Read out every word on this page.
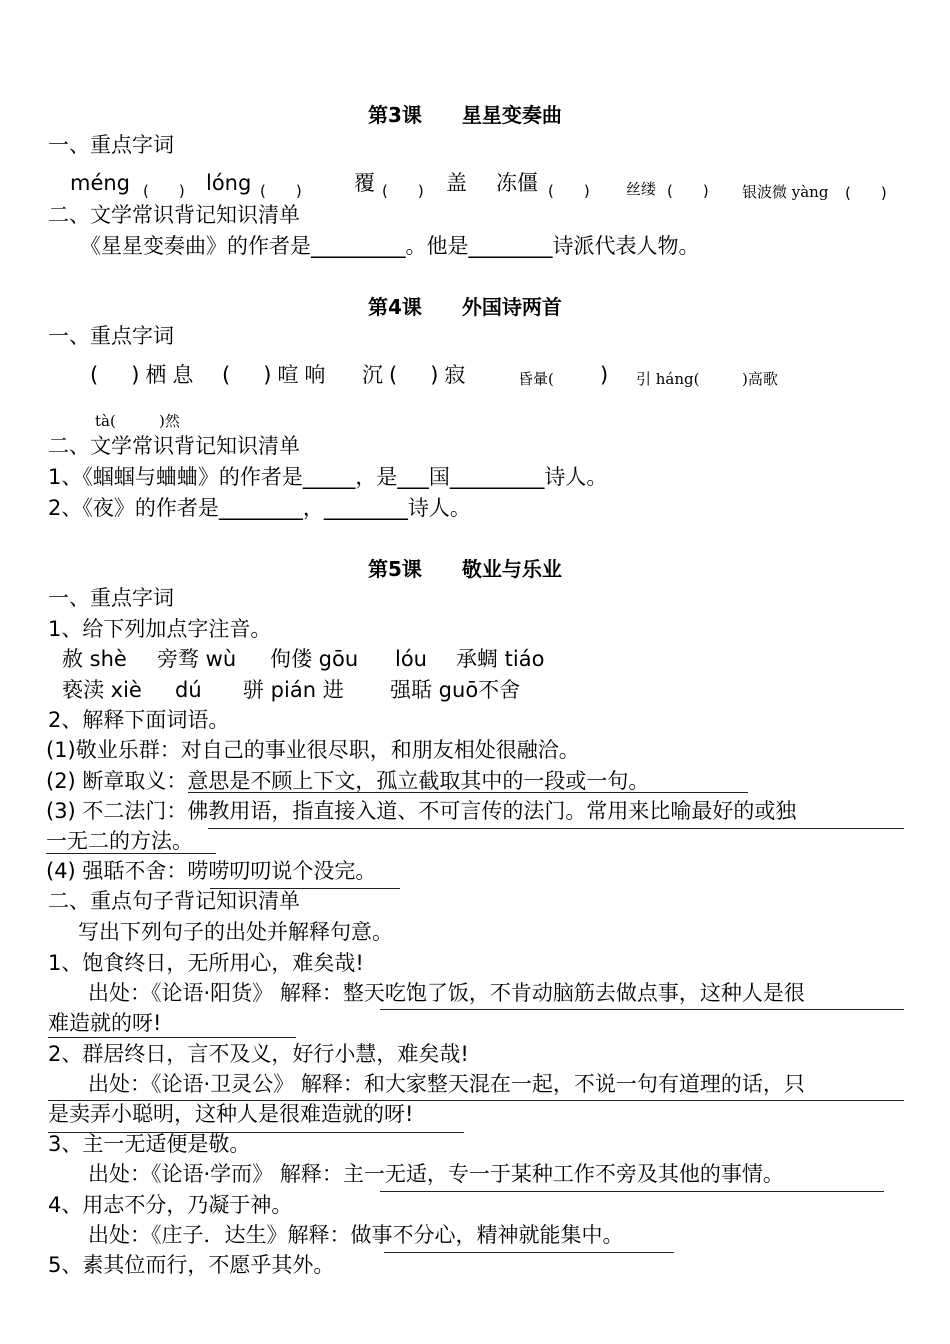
第3课　　星星变奏曲
一、重点字词
méng (　　) lóng (　　) 覆 (　　) 盖 冻僵 (　　) 丝缕 (　　) 银波微 yàng (　　)
二、文学常识背记知识清单
《星星变奏曲》的作者是_________。他是________诗派代表人物。
第4课　　外国诗两首
一、重点字词
(　)栖息 (　)喧响 沉(　)寂	昏暈( ) 引 háng(	)高歌
tà(	)然
二、文学常识背记知识清单
1、《蝈蝈与蛐蛐》的作者是_____，是___国_________诗人。
2、《夜》的作者是________，________诗人。
第5课　　敬业与乐业
一、重点字词
1、给下列加点字注音。
赦 shè 旁骛 wù 佝偻 gōu lóu 承蜩 tiáo
亵渎 xiè dú 骈 pián 进 强聒 guō不舍
2、解释下面词语。
(1)敬业乐群：对自己的事业很尽职，和朋友相处很融洽。
(2) 断章取义：意思是不顾上下文，孤立截取其中的一段或一句。
(3) 不二法门：佛教用语，指直接入道、不可言传的法门。常用来比喻最好的或独
一无二的方法。
(4) 强聒不舍：唠唠叨叨说个没完。
二、重点句子背记知识清单
写出下列句子的出处并解释句意。
1、饱食终日，无所用心，难矣哉!
出处：《论语·阳货》 解释：整天吃饱了饭，不肯动脑筋去做点事，这种人是很
难造就的呀!
2、群居终日，言不及义，好行小慧，难矣哉!
出处：《论语·卫灵公》 解释：和大家整天混在一起，不说一句有道理的话，只
是卖弄小聪明，这种人是很难造就的呀!
3、主一无适便是敬。
出处：《论语·学而》 解释：主一无适，专一于某种工作不旁及其他的事情。
4、用志不分，乃凝于神。
出处：《庄子．达生》解释：做事不分心，精神就能集中。
5、素其位而行，不愿乎其外。
